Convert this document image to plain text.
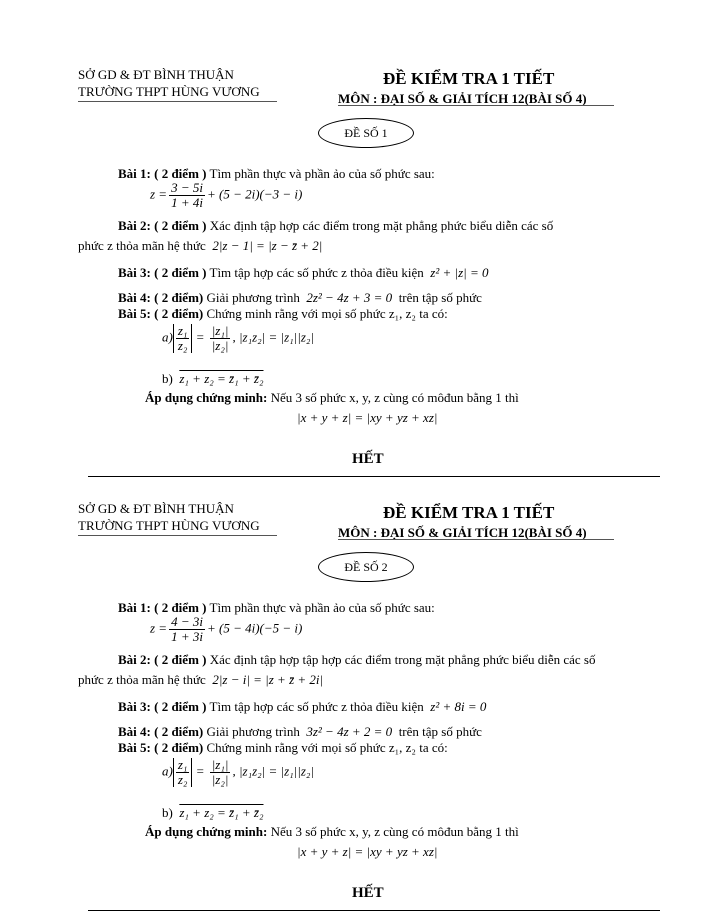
SỞ GD & ĐT BÌNH THUẬN
TRƯỜNG THPT HÙNG VƯƠNG
ĐỀ KIỂM TRA 1 TIẾT
MÔN : ĐẠI SỐ & GIẢI TÍCH 12(BÀI SỐ 4)
ĐỀ SỐ 1
Bài 1: ( 2 điểm ) Tìm phần thực và phần ảo của số phức sau:
$z = \frac{3 - 5i}{1 + 4i} + (5 - 2i)(-3 - i)$
Bài 2: ( 2 điểm ) Xác định tập hợp các điểm trong mặt phẳng phức biểu diễn các số
phức z thỏa mãn hệ thức 2|z − 1| = |z − z̄ + 2|
Bài 3: ( 2 điểm ) Tìm tập hợp các số phức z thỏa điều kiện z² + |z| = 0
Bài 4: ( 2 điểm) Giải phương trình 2z² − 4z + 3 = 0 trên tập số phức
Bài 5: ( 2 điểm) Chứng minh rằng với mọi số phức z₁, z₂ ta có:
$a) \frac{\text{z₁}}{\text{z₂}} = \frac{\text{|z₁|}}{\text{|z₂|}}$ , |z₁z₂| = |z₁||z₂|
b) z₁ + z₂ = z̄₁ + z̄₂
Áp dụng chứng minh: Nếu 3 số phức x, y, z cùng có môđun bằng 1 thì
|x + y + z| = |xy + yz + xz|
HẾT
SỞ GD & ĐT BÌNH THUẬN
TRƯỜNG THPT HÙNG VƯƠNG
ĐỀ KIỂM TRA 1 TIẾT
MÔN : ĐẠI SỐ & GIẢI TÍCH 12(BÀI SỐ 4)
ĐỀ SỐ 2
Bài 1: ( 2 điểm ) Tìm phần thực và phần ảo của số phức sau:
$z = \frac{4 - 3i}{1 + 3i} + (5 - 4i)(-5 - i)$
Bài 2: ( 2 điểm ) Xác định tập hợp tập hợp các điểm trong mặt phẳng phức biểu diễn các số
phức z thỏa mãn hệ thức 2|z − i| = |z + z̄ + 2i|
Bài 3: ( 2 điểm ) Tìm tập hợp các số phức z thỏa điều kiện z² + 8i = 0
Bài 4: ( 2 điểm) Giải phương trình 3z² − 4z + 2 = 0 trên tập số phức
Bài 5: ( 2 điểm) Chứng minh rằng với mọi số phức z₁, z₂ ta có:
$a) \frac{\text{z₁}}{\text{z₂}} = \frac{\text{|z₁|}}{\text{|z₂|}}$ , |z₁z₂| = |z₁||z₂|
b) z₁ + z₂ = z̄₁ + z̄₂
Áp dụng chứng minh: Nếu 3 số phức x, y, z cùng có môđun bằng 1 thì
|x + y + z| = |xy + yz + xz|
HẾT
